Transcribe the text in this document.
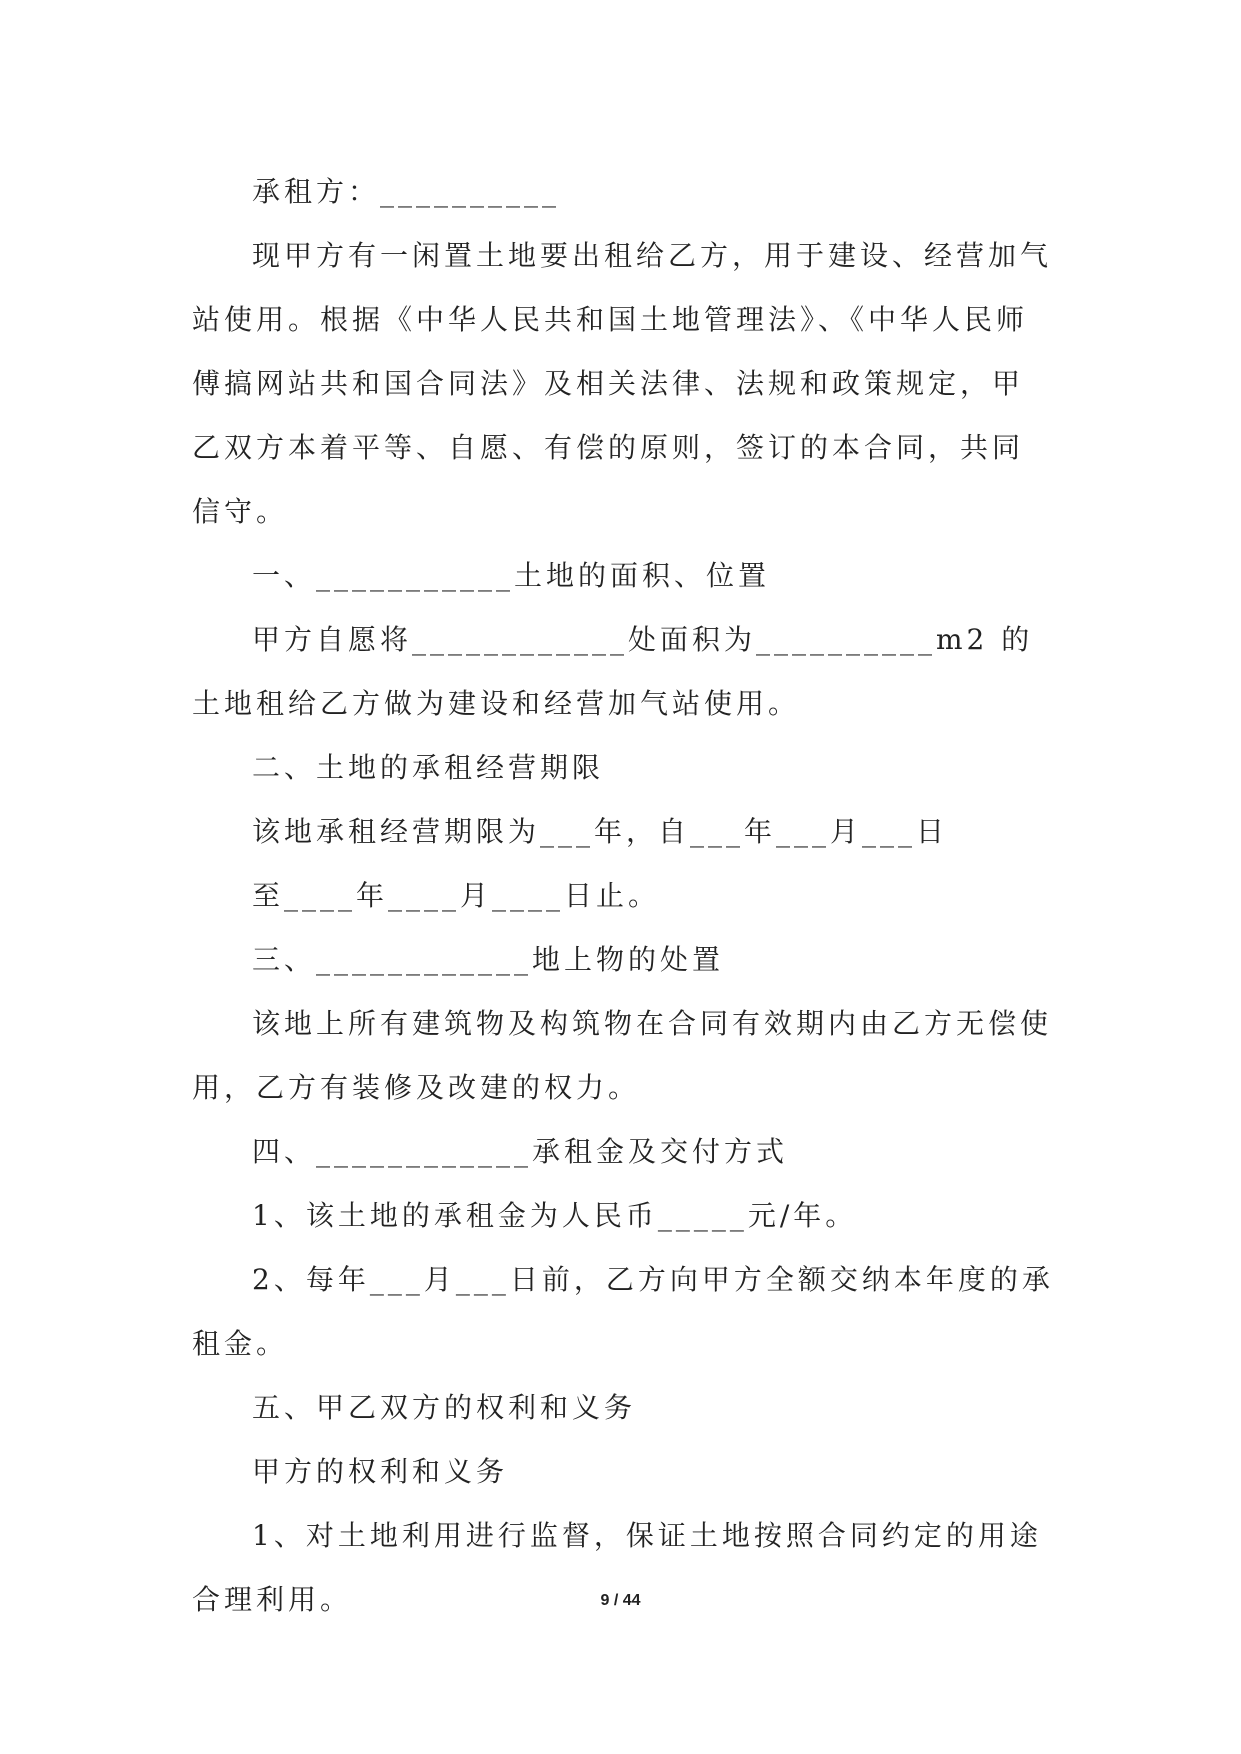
承租方：__________

现甲方有一闲置土地要出租给乙方，用于建设、经营加气站使用。根据《中华人民共和国土地管理法》、《中华人民师傅搞网站共和国合同法》及相关法律、法规和政策规定，甲乙双方本着平等、自愿、有偿的原则，签订的本合同，共同信守。

一、___________土地的面积、位置

甲方自愿将____________处面积为__________m2 的土地租给乙方做为建设和经营加气站使用。

二、土地的承租经营期限

该地承租经营期限为___年，自___年___月___日

至____年____月____日止。

三、____________地上物的处置

该地上所有建筑物及构筑物在合同有效期内由乙方无偿使用，乙方有装修及改建的权力。

四、____________承租金及交付方式

1、该土地的承租金为人民币_____元/年。

2、每年___月___日前，乙方向甲方全额交纳本年度的承租金。

五、甲乙双方的权利和义务

甲方的权利和义务

1、对土地利用进行监督，保证土地按照合同约定的用途合理利用。	9 / 44
